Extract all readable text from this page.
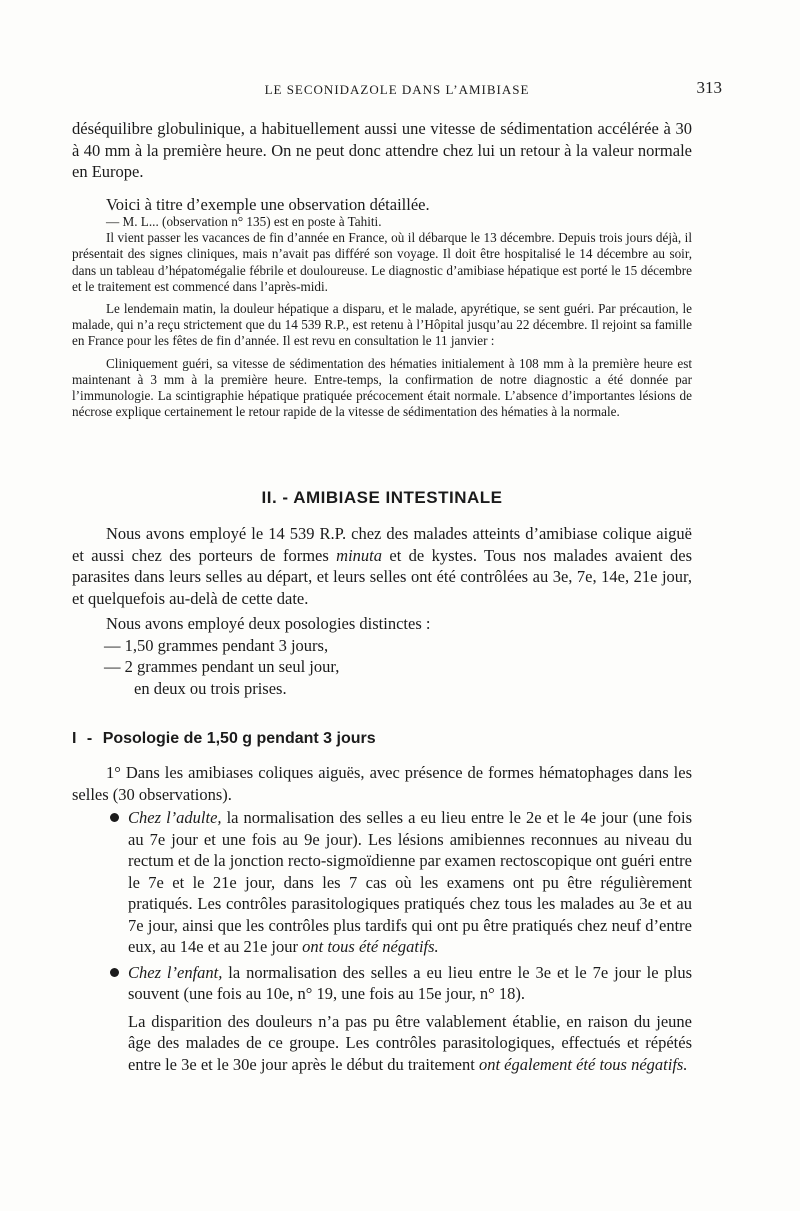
LE SECONIDAZOLE DANS L’AMIBIASE	313

déséquilibre globulinique, a habituellement aussi une vitesse de sédimentation accélérée à 30 à 40 mm à la première heure. On ne peut donc attendre chez lui un retour à la valeur normale en Europe.

Voici à titre d’exemple une observation détaillée.

— M. L... (observation n° 135) est en poste à Tahiti.

Il vient passer les vacances de fin d’année en France, où il débarque le 13 décembre. Depuis trois jours déjà, il présentait des signes cliniques, mais n’avait pas différé son voyage. Il doit être hospitalisé le 14 décembre au soir, dans un tableau d’hépatomégalie fébrile et douloureuse. Le diagnostic d’amibiase hépatique est porté le 15 décembre et le traitement est commencé dans l’après-midi.

Le lendemain matin, la douleur hépatique a disparu, et le malade, apyrétique, se sent guéri. Par précaution, le malade, qui n’a reçu strictement que du 14 539 R.P., est retenu à l’Hôpital jusqu’au 22 décembre. Il rejoint sa famille en France pour les fêtes de fin d’année. Il est revu en consultation le 11 janvier :

Cliniquement guéri, sa vitesse de sédimentation des hématies initialement à 108 mm à la première heure est maintenant à 3 mm à la première heure. Entre-temps, la confirmation de notre diagnostic a été donnée par l’immunologie. La scintigraphie hépatique pratiquée précocement était normale. L’absence d’importantes lésions de nécrose explique certainement le retour rapide de la vitesse de sédimentation des hématies à la normale.

II. - AMIBIASE INTESTINALE

Nous avons employé le 14 539 R.P. chez des malades atteints d’amibiase colique aiguë et aussi chez des porteurs de formes minuta et de kystes. Tous nos malades avaient des parasites dans leurs selles au départ, et leurs selles ont été contrôlées au 3e, 7e, 14e, 21e jour, et quelquefois au-delà de cette date.

Nous avons employé deux posologies distinctes :

— 1,50 grammes pendant 3 jours,

— 2 grammes pendant un seul jour,

en deux ou trois prises.

I - Posologie de 1,50 g pendant 3 jours

1° Dans les amibiases coliques aiguës, avec présence de formes hématophages dans les selles (30 observations).

Chez l’adulte, la normalisation des selles a eu lieu entre le 2e et le 4e jour (une fois au 7e jour et une fois au 9e jour). Les lésions amibiennes reconnues au niveau du rectum et de la jonction recto-sigmoïdienne par examen rectoscopique ont guéri entre le 7e et le 21e jour, dans les 7 cas où les examens ont pu être régulièrement pratiqués. Les contrôles parasitologiques pratiqués chez tous les malades au 3e et au 7e jour, ainsi que les contrôles plus tardifs qui ont pu être pratiqués chez neuf d’entre eux, au 14e et au 21e jour ont tous été négatifs.

Chez l’enfant, la normalisation des selles a eu lieu entre le 3e et le 7e jour le plus souvent (une fois au 10e, n° 19, une fois au 15e jour, n° 18).

La disparition des douleurs n’a pas pu être valablement établie, en raison du jeune âge des malades de ce groupe. Les contrôles parasitologiques, effectués et répétés entre le 3e et le 30e jour après le début du traitement ont également été tous négatifs.
